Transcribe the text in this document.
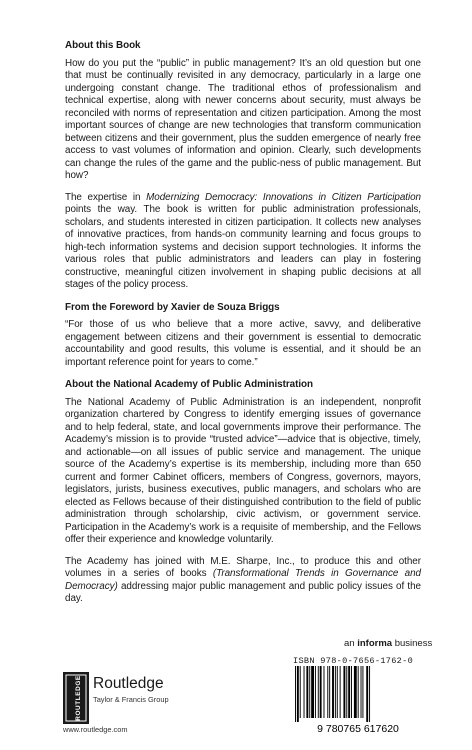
About this Book

How do you put the “public” in public management? It’s an old question but one that must be continually revisited in any democracy, particularly in a large one undergoing constant change. The traditional ethos of professionalism and technical expertise, along with newer concerns about security, must always be reconciled with norms of representation and citizen participation. Among the most important sources of change are new technologies that transform communication between citizens and their government, plus the sudden emergence of nearly free access to vast volumes of information and opinion. Clearly, such developments can change the rules of the game and the public-ness of public management. But how?

The expertise in Modernizing Democracy: Innovations in Citizen Participation points the way. The book is written for public administration professionals, scholars, and students interested in citizen participation. It collects new analyses of innovative practices, from hands-on community learning and focus groups to high-tech information systems and decision support technologies. It informs the various roles that public administrators and leaders can play in fostering constructive, meaningful citizen involvement in shaping public decisions at all stages of the policy process.

From the Foreword by Xavier de Souza Briggs

“For those of us who believe that a more active, savvy, and deliberative engagement between citizens and their government is essential to democratic accountability and good results, this volume is essential, and it should be an important reference point for years to come.”

About the National Academy of Public Administration

The National Academy of Public Administration is an independent, nonprofit organization chartered by Congress to identify emerging issues of governance and to help federal, state, and local governments improve their performance. The Academy’s mission is to provide “trusted advice”—advice that is objective, timely, and actionable—on all issues of public service and management. The unique source of the Academy’s expertise is its membership, including more than 650 current and former Cabinet officers, members of Congress, governors, mayors, legislators, jurists, business executives, public managers, and scholars who are elected as Fellows because of their distinguished contribution to the field of public administration through scholarship, civic activism, or government service. Participation in the Academy’s work is a requisite of membership, and the Fellows offer their experience and knowledge voluntarily.

The Academy has joined with M.E. Sharpe, Inc., to produce this and other volumes in a series of books (Transformational Trends in Governance and Democracy) addressing major public management and public policy issues of the day.

an informa business
ISBN 978-0-7656-1762-0
9 780765 617620
ROUTLEDGE Routledge
Taylor & Francis Group
www.routledge.com
